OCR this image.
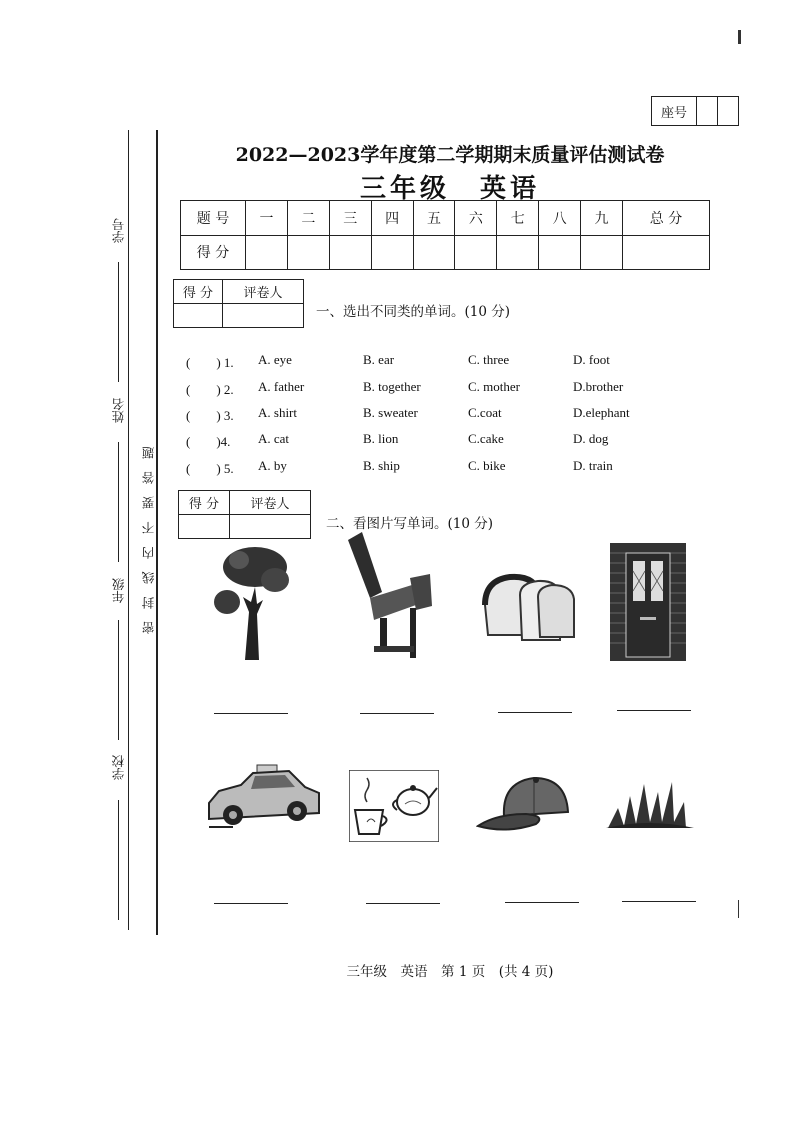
座号
学号
姓名
年级
学校
密　封　线　内　不　要　答　题
2022—2023学年度第二学期期末质量评估测试卷
三年级　英语
题 号	一	二	三	四	五	六	七	八	九	总 分
得 分										
得 分	评卷人

一、选出不同类的单词。(10 分)
(　　) 1.	A. eye	B. ear	C. three	D. foot
(　　) 2.	A. father	B. together	C. mother	D.brother
(　　) 3.	A. shirt	B. sweater	C.coat	D.elephant
(　　)4.	A. cat	B. lion	C.cake	D. dog
(　　) 5.	A. by	B. ship	C. bike	D. train
得 分	评卷人

二、看图片写单词。(10 分)
三年级　英语　第 1 页　(共 4 页)
